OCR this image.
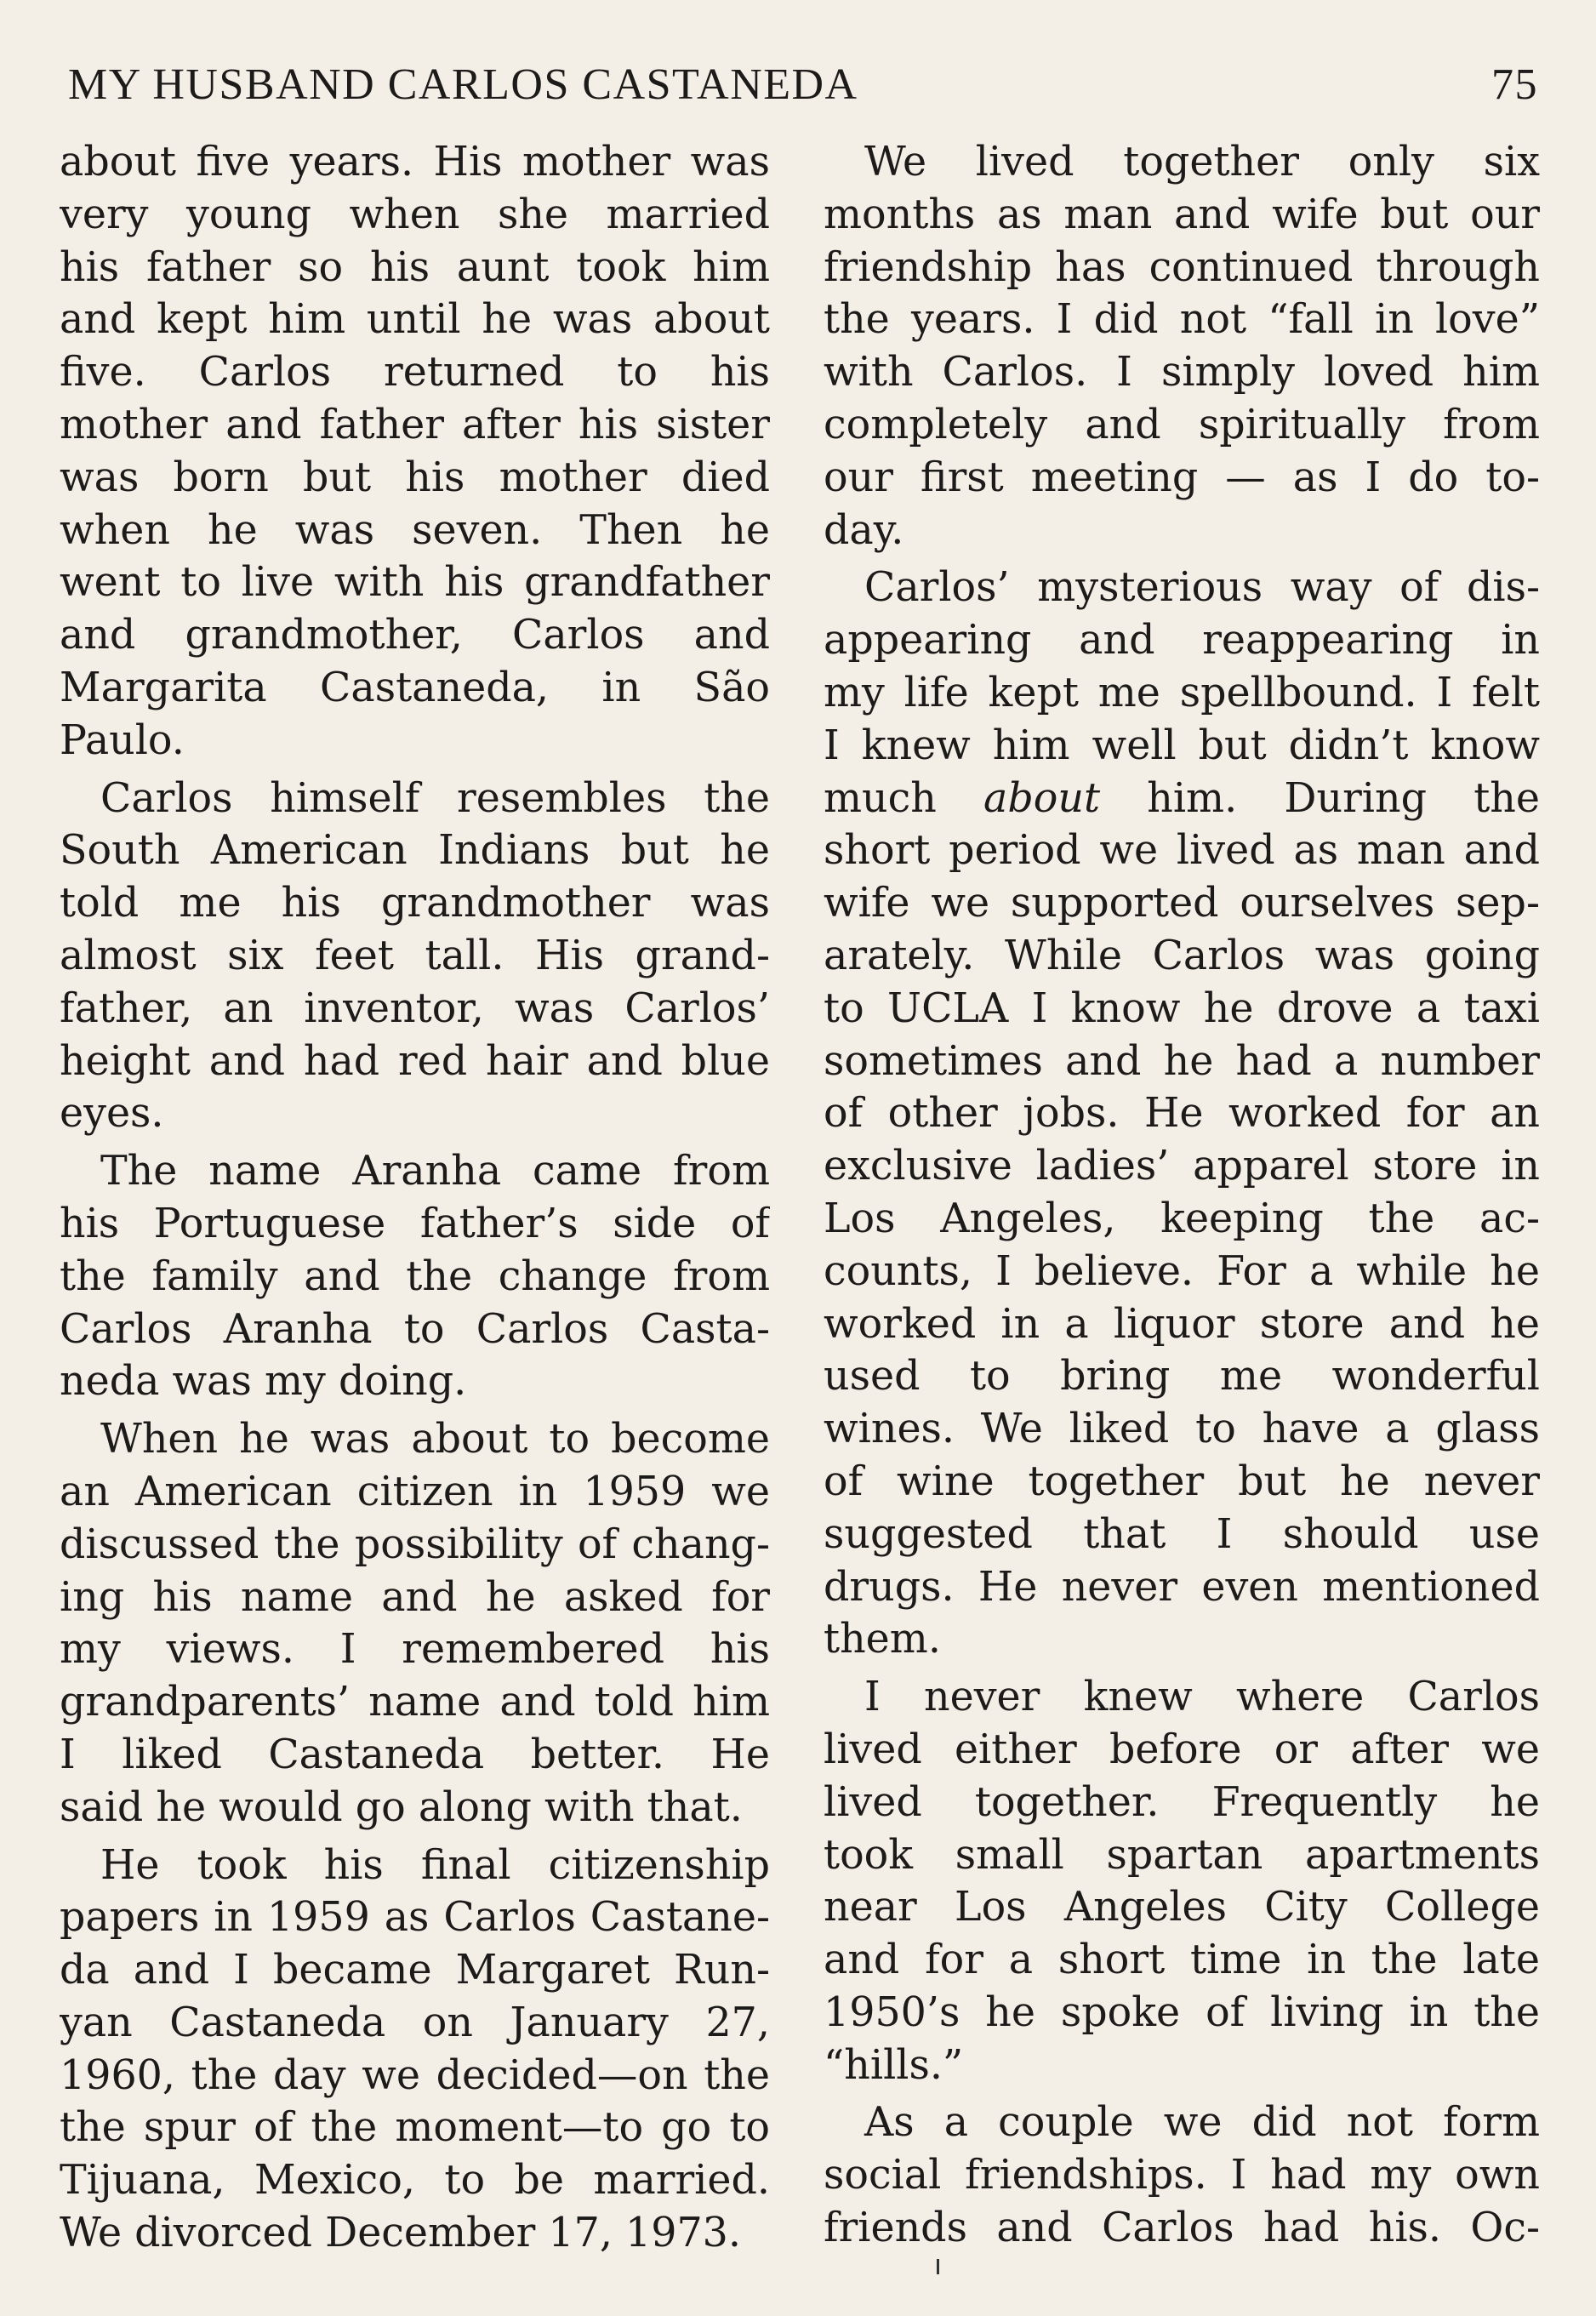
MY HUSBAND CARLOS CASTANEDA	75
about five years. His mother was
very young when she married
his father so his aunt took him
and kept him until he was about
five. Carlos returned to his
mother and father after his sister
was born but his mother died
when he was seven. Then he
went to live with his grandfather
and grandmother, Carlos and
Margarita Castaneda, in São
Paulo.
Carlos himself resembles the
South American Indians but he
told me his grandmother was
almost six feet tall. His grand-
father, an inventor, was Carlos’
height and had red hair and blue
eyes.
The name Aranha came from
his Portuguese father’s side of
the family and the change from
Carlos Aranha to Carlos Casta-
neda was my doing.
When he was about to become
an American citizen in 1959 we
discussed the possibility of chang-
ing his name and he asked for
my views. I remembered his
grandparents’ name and told him
I liked Castaneda better. He
said he would go along with that.
He took his final citizenship
papers in 1959 as Carlos Castane-
da and I became Margaret Run-
yan Castaneda on January 27,
1960, the day we decided—on the
the spur of the moment—to go to
Tijuana, Mexico, to be married.
We divorced December 17, 1973.
We lived together only six
months as man and wife but our
friendship has continued through
the years. I did not “fall in love”
with Carlos. I simply loved him
completely and spiritually from
our first meeting — as I do to-
day.
Carlos’ mysterious way of dis-
appearing and reappearing in
my life kept me spellbound. I felt
I knew him well but didn’t know
much about him. During the
short period we lived as man and
wife we supported ourselves sep-
arately. While Carlos was going
to UCLA I know he drove a taxi
sometimes and he had a number
of other jobs. He worked for an
exclusive ladies’ apparel store in
Los Angeles, keeping the ac-
counts, I believe. For a while he
worked in a liquor store and he
used to bring me wonderful
wines. We liked to have a glass
of wine together but he never
suggested that I should use
drugs. He never even mentioned
them.
I never knew where Carlos
lived either before or after we
lived together. Frequently he
took small spartan apartments
near Los Angeles City College
and for a short time in the late
1950’s he spoke of living in the
“hills.”
As a couple we did not form
social friendships. I had my own
friends and Carlos had his. Oc-
